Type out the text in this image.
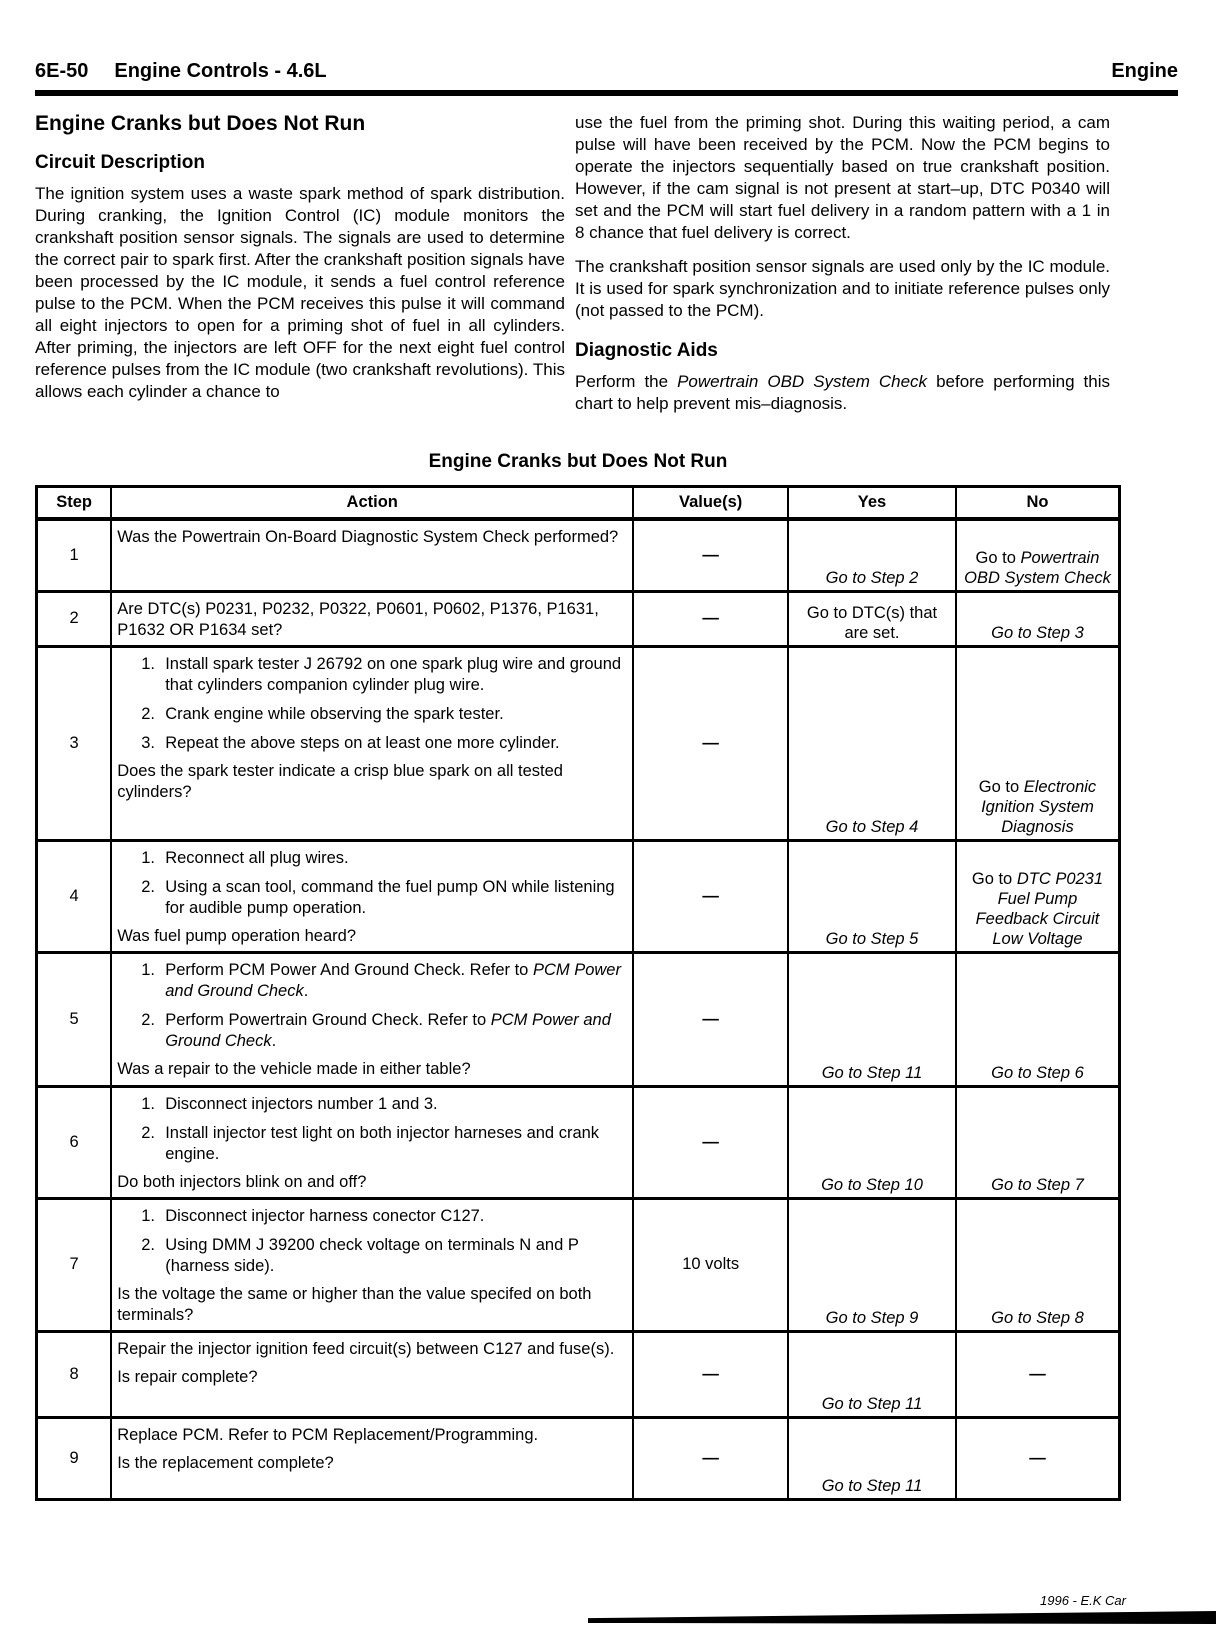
6E-50 Engine Controls - 4.6L	Engine
Engine Cranks but Does Not Run
Circuit Description

The ignition system uses a waste spark method of spark distribution. During cranking, the Ignition Control (IC) module monitors the crankshaft position sensor signals. The signals are used to determine the correct pair to spark first. After the crankshaft position signals have been processed by the IC module, it sends a fuel control reference pulse to the PCM. When the PCM receives this pulse it will command all eight injectors to open for a priming shot of fuel in all cylinders. After priming, the injectors are left OFF for the next eight fuel control reference pulses from the IC module (two crankshaft revolutions). This allows each cylinder a chance to

use the fuel from the priming shot. During this waiting period, a cam pulse will have been received by the PCM. Now the PCM begins to operate the injectors sequentially based on true crankshaft position. However, if the cam signal is not present at start–up, DTC P0340 will set and the PCM will start fuel delivery in a random pattern with a 1 in 8 chance that fuel delivery is correct.

The crankshaft position sensor signals are used only by the IC module. It is used for spark synchronization and to initiate reference pulses only (not passed to the PCM).

Diagnostic Aids

Perform the Powertrain OBD System Check before performing this chart to help prevent mis–diagnosis.

Engine Cranks but Does Not Run
Step	Action	Value(s)	Yes	No
1	Was the Powertrain On-Board Diagnostic System Check performed?	—	Go to Step 2	Go to Powertrain OBD System Check
2	Are DTC(s) P0231, P0232, P0322, P0601, P0602, P1376, P1631, P1632 OR P1634 set?	—	Go to DTC(s) that are set.	Go to Step 3
3	
1. Install spark tester J 26792 on one spark plug wire and ground that cylinders companion cylinder plug wire.
2. Crank engine while observing the spark tester.
3. Repeat the above steps on at least one more cylinder.
Does the spark tester indicate a crisp blue spark on all tested cylinders?
	—	Go to Step 4	Go to Electronic Ignition System Diagnosis
4	1. Reconnect all plug wires.
2. Using a scan tool, command the fuel pump ON while listening for audible pump operation.
Was fuel pump operation heard?	—	Go to Step 5	Go to DTC P0231 Fuel Pump Feedback Circuit Low Voltage
5	1. Perform PCM Power And Ground Check. Refer to PCM Power and Ground Check.
2. Perform Powertrain Ground Check. Refer to PCM Power and Ground Check.
Was a repair to the vehicle made in either table?	—	Go to Step 11	Go to Step 6
6	1. Disconnect injectors number 1 and 3.
2. Install injector test light on both injector harneses and crank engine.
Do both injectors blink on and off?	—	Go to Step 10	Go to Step 7
7	1. Disconnect injector harness conector C127.
2. Using DMM J 39200 check voltage on terminals N and P (harness side).
Is the voltage the same or higher than the value specifed on both terminals?	10 volts	Go to Step 9	Go to Step 8
8	Repair the injector ignition feed circuit(s) between C127 and fuse(s).
Is repair complete?	—	Go to Step 11	—
9	Replace PCM. Refer to PCM Replacement/Programming.
Is the replacement complete?	—	Go to Step 11	—
1996 - E.K Car
